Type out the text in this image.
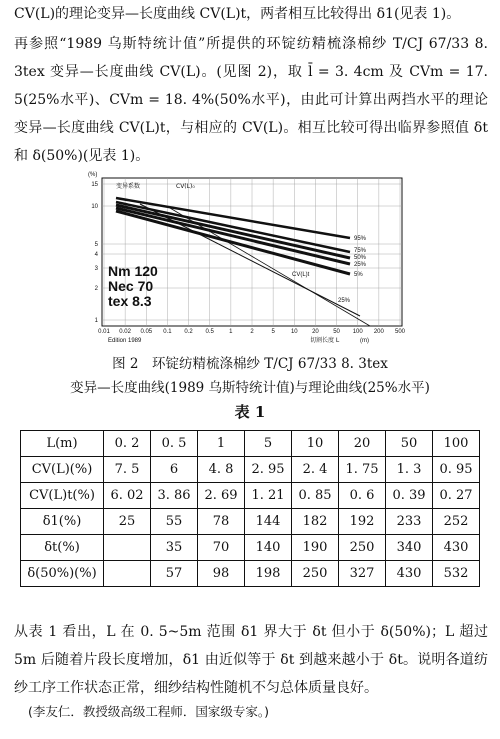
CV(L)的理论变异—长度曲线 CV(L)t，两者相互比较得出 δ1(见表 1)。
再参照“1989 乌斯特统计值”所提供的环锭纺精梳涤棉纱 T/CJ 67/33 8. 3tex 变异—长度曲线 CV(L)。(见图 2)，取 l̄ = 3. 4cm 及 CVm = 17. 5(25%水平)、CVm = 18. 4%(50%水平)，由此可计算出两挡水平的理论变异—长度曲线 CV(L)t，与相应的 CV(L)。相互比较可得出临界参照值 δt 和 δ(50%)(见表 1)。
15
10
5
4
3
2
1
0.01 0.02 0.05 0.1 0.2 0.5	1	2	5	10 20 50 100 200 500
(%)
变异系数	CV(L)₀
95%
75%
50%
25%
5%
CV(L)t
25%
Nm 120
Nec 70
tex 8.3
Edition 1989	切割长度 L	(m)
图 2　环锭纺精梳涤棉纱 T/CJ 67/33 8. 3tex
变异—长度曲线(1989 乌斯特统计值)与理论曲线(25%水平)
表 1
L(m)	0. 2	0. 5	1	5	10	20	50	100
CV(L)(%)	7. 5	6	4. 8	2. 95	2. 4	1. 75	1. 3	0. 95
CV(L)t(%)	6. 02	3. 86	2. 69	1. 21	0. 85	0. 6	0. 39	0. 27
δ1(%)	25	55	78	144	182	192	233	252
δt(%)		35	70	140	190	250	340	430
δ(50%)(%)		57	98	198	250	327	430	532
从表 1 看出，L 在 0. 5~5m 范围 δ1 界大于 δt 但小于 δ(50%)；L 超过 5m 后随着片段长度增加，δ1 由近似等于 δt 到越来越小于 δt。说明各道纺纱工序工作状态正常，细纱结构性随机不匀总体质量良好。
(李友仁．教授级高级工程师．国家级专家。)
